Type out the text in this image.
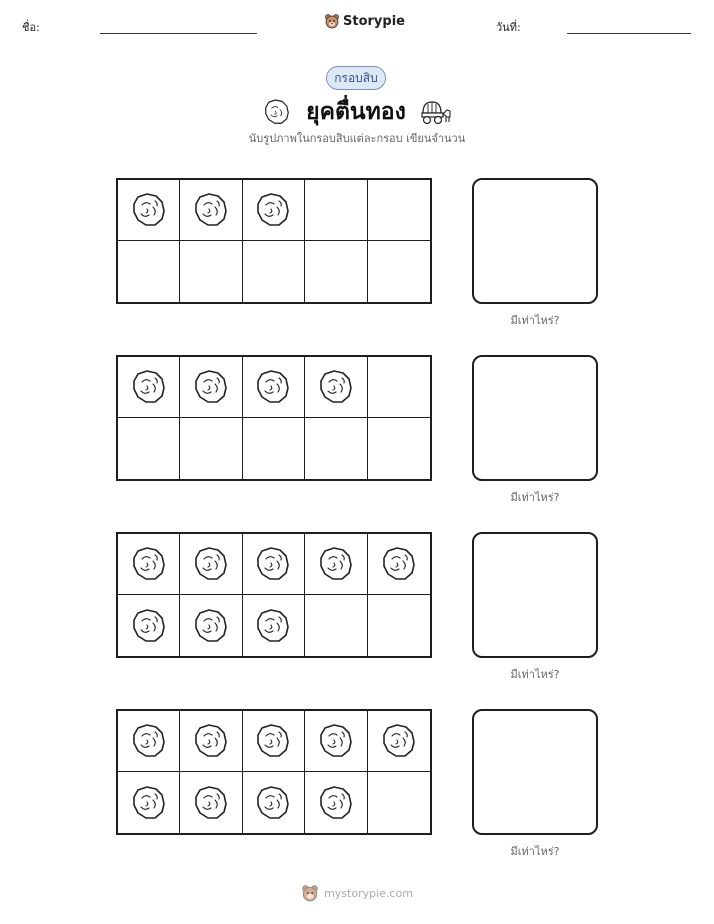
ชื่อ:	Storypie	วันที่:
กรอบสิบ
ยุคตื่นทอง
นับรูปภาพในกรอบสิบแต่ละกรอบ เขียนจำนวน
มีเท่าไหร่?
มีเท่าไหร่?
มีเท่าไหร่?
มีเท่าไหร่?
mystorypie.com
